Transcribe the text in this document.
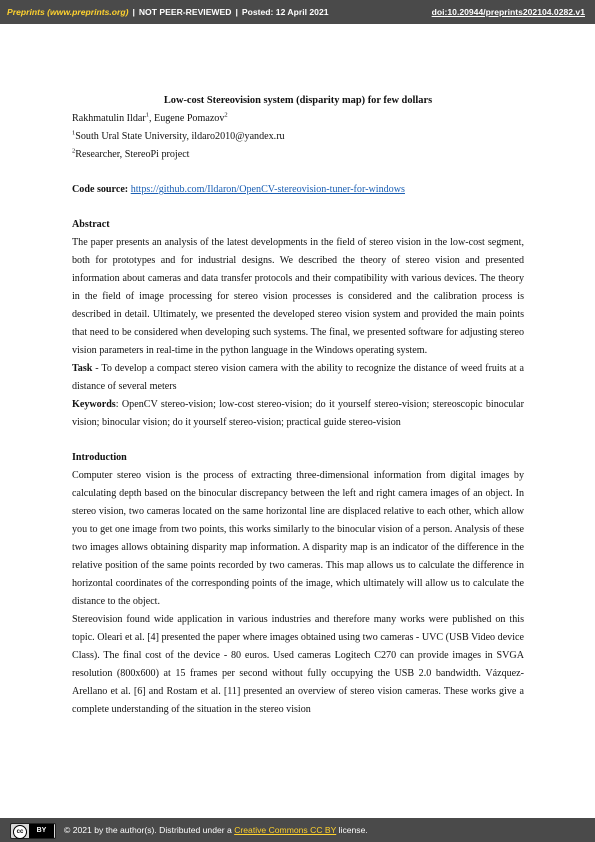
Preprints (www.preprints.org) | NOT PEER-REVIEWED | Posted: 12 April 2021	doi:10.20944/preprints202104.0282.v1

Low-cost Stereovision system (disparity map) for few dollars

Rakhmatulin Ildar$^1$, Eugene Pomazov$^2$

$^1$South Ural State University, ildaro2010@yandex.ru

$^2$Researcher, StereoPi project

Code source: https://github.com/Ildaron/OpenCV-stereovision-tuner-for-windows

Abstract

The paper presents an analysis of the latest developments in the field of stereo vision in the low-cost segment, both for prototypes and for industrial designs. We described the theory of stereo vision and presented information about cameras and data transfer protocols and their compatibility with various devices. The theory in the field of image processing for stereo vision processes is considered and the calibration process is described in detail. Ultimately, we presented the developed stereo vision system and provided the main points that need to be considered when developing such systems. The final, we presented software for adjusting stereo vision parameters in real-time in the python language in the Windows operating system.

Task - To develop a compact stereo vision camera with the ability to recognize the distance of weed fruits at a distance of several meters

Keywords: OpenCV stereo-vision; low-cost stereo-vision; do it yourself stereo-vision; stereoscopic binocular vision; binocular vision; do it yourself stereo-vision; practical guide stereo-vision

Introduction

Computer stereo vision is the process of extracting three-dimensional information from digital images by calculating depth based on the binocular discrepancy between the left and right camera images of an object. In stereo vision, two cameras located on the same horizontal line are displaced relative to each other, which allow you to get one image from two points, this works similarly to the binocular vision of a person. Analysis of these two images allows obtaining disparity map information. A disparity map is an indicator of the difference in the relative position of the same points recorded by two cameras. This map allows us to calculate the difference in horizontal coordinates of the corresponding points of the image, which ultimately will allow us to calculate the distance to the object.

Stereovision found wide application in various industries and therefore many works were published on this topic. Oleari et al. [4] presented the paper where images obtained using two cameras - UVC (USB Video device Class). The final cost of the device - 80 euros. Used cameras Logitech C270 can provide images in SVGA resolution (800x600) at 15 frames per second without fully occupying the USB 2.0 bandwidth. Vázquez-Arellano et al. [6] and Rostam et al. [11] presented an overview of stereo vision cameras. These works give a complete understanding of the situation in the stereo vision

cc	BY	© 2021 by the author(s). Distributed under a Creative Commons CC BY license.
